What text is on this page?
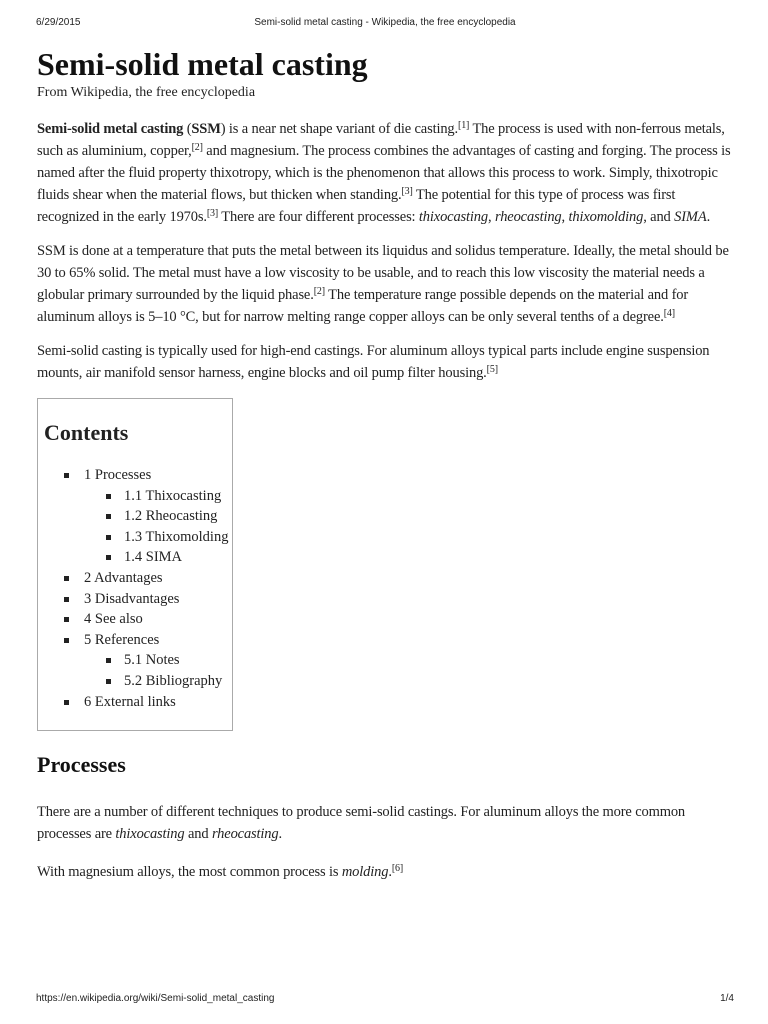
6/29/2015	Semi-solid metal casting - Wikipedia, the free encyclopedia
Semi-solid metal casting
From Wikipedia, the free encyclopedia

Semi-solid metal casting (SSM) is a near net shape variant of die casting.[1] The process is used with non-ferrous metals, such as aluminium, copper,[2] and magnesium. The process combines the advantages of casting and forging. The process is named after the fluid property thixotropy, which is the phenomenon that allows this process to work. Simply, thixotropic fluids shear when the material flows, but thicken when standing.[3] The potential for this type of process was first recognized in the early 1970s.[3] There are four different processes: thixocasting, rheocasting, thixomolding, and SIMA.

SSM is done at a temperature that puts the metal between its liquidus and solidus temperature. Ideally, the metal should be 30 to 65% solid. The metal must have a low viscosity to be usable, and to reach this low viscosity the material needs a globular primary surrounded by the liquid phase.[2] The temperature range possible depends on the material and for aluminum alloys is 5–10 °C, but for narrow melting range copper alloys can be only several tenths of a degree.[4]

Semi-solid casting is typically used for high-end castings. For aluminum alloys typical parts include engine suspension mounts, air manifold sensor harness, engine blocks and oil pump filter housing.[5]

Contents
1 Processes
1.1 Thixocasting
1.2 Rheocasting
1.3 Thixomolding
1.4 SIMA
2 Advantages
3 Disadvantages
4 See also
5 References
5.1 Notes
5.2 Bibliography
6 External links
Processes

There are a number of different techniques to produce semi-solid castings. For aluminum alloys the more common processes are thixocasting and rheocasting.

With magnesium alloys, the most common process is molding.[6]

https://en.wikipedia.org/wiki/Semi-solid_metal_casting	1/4
